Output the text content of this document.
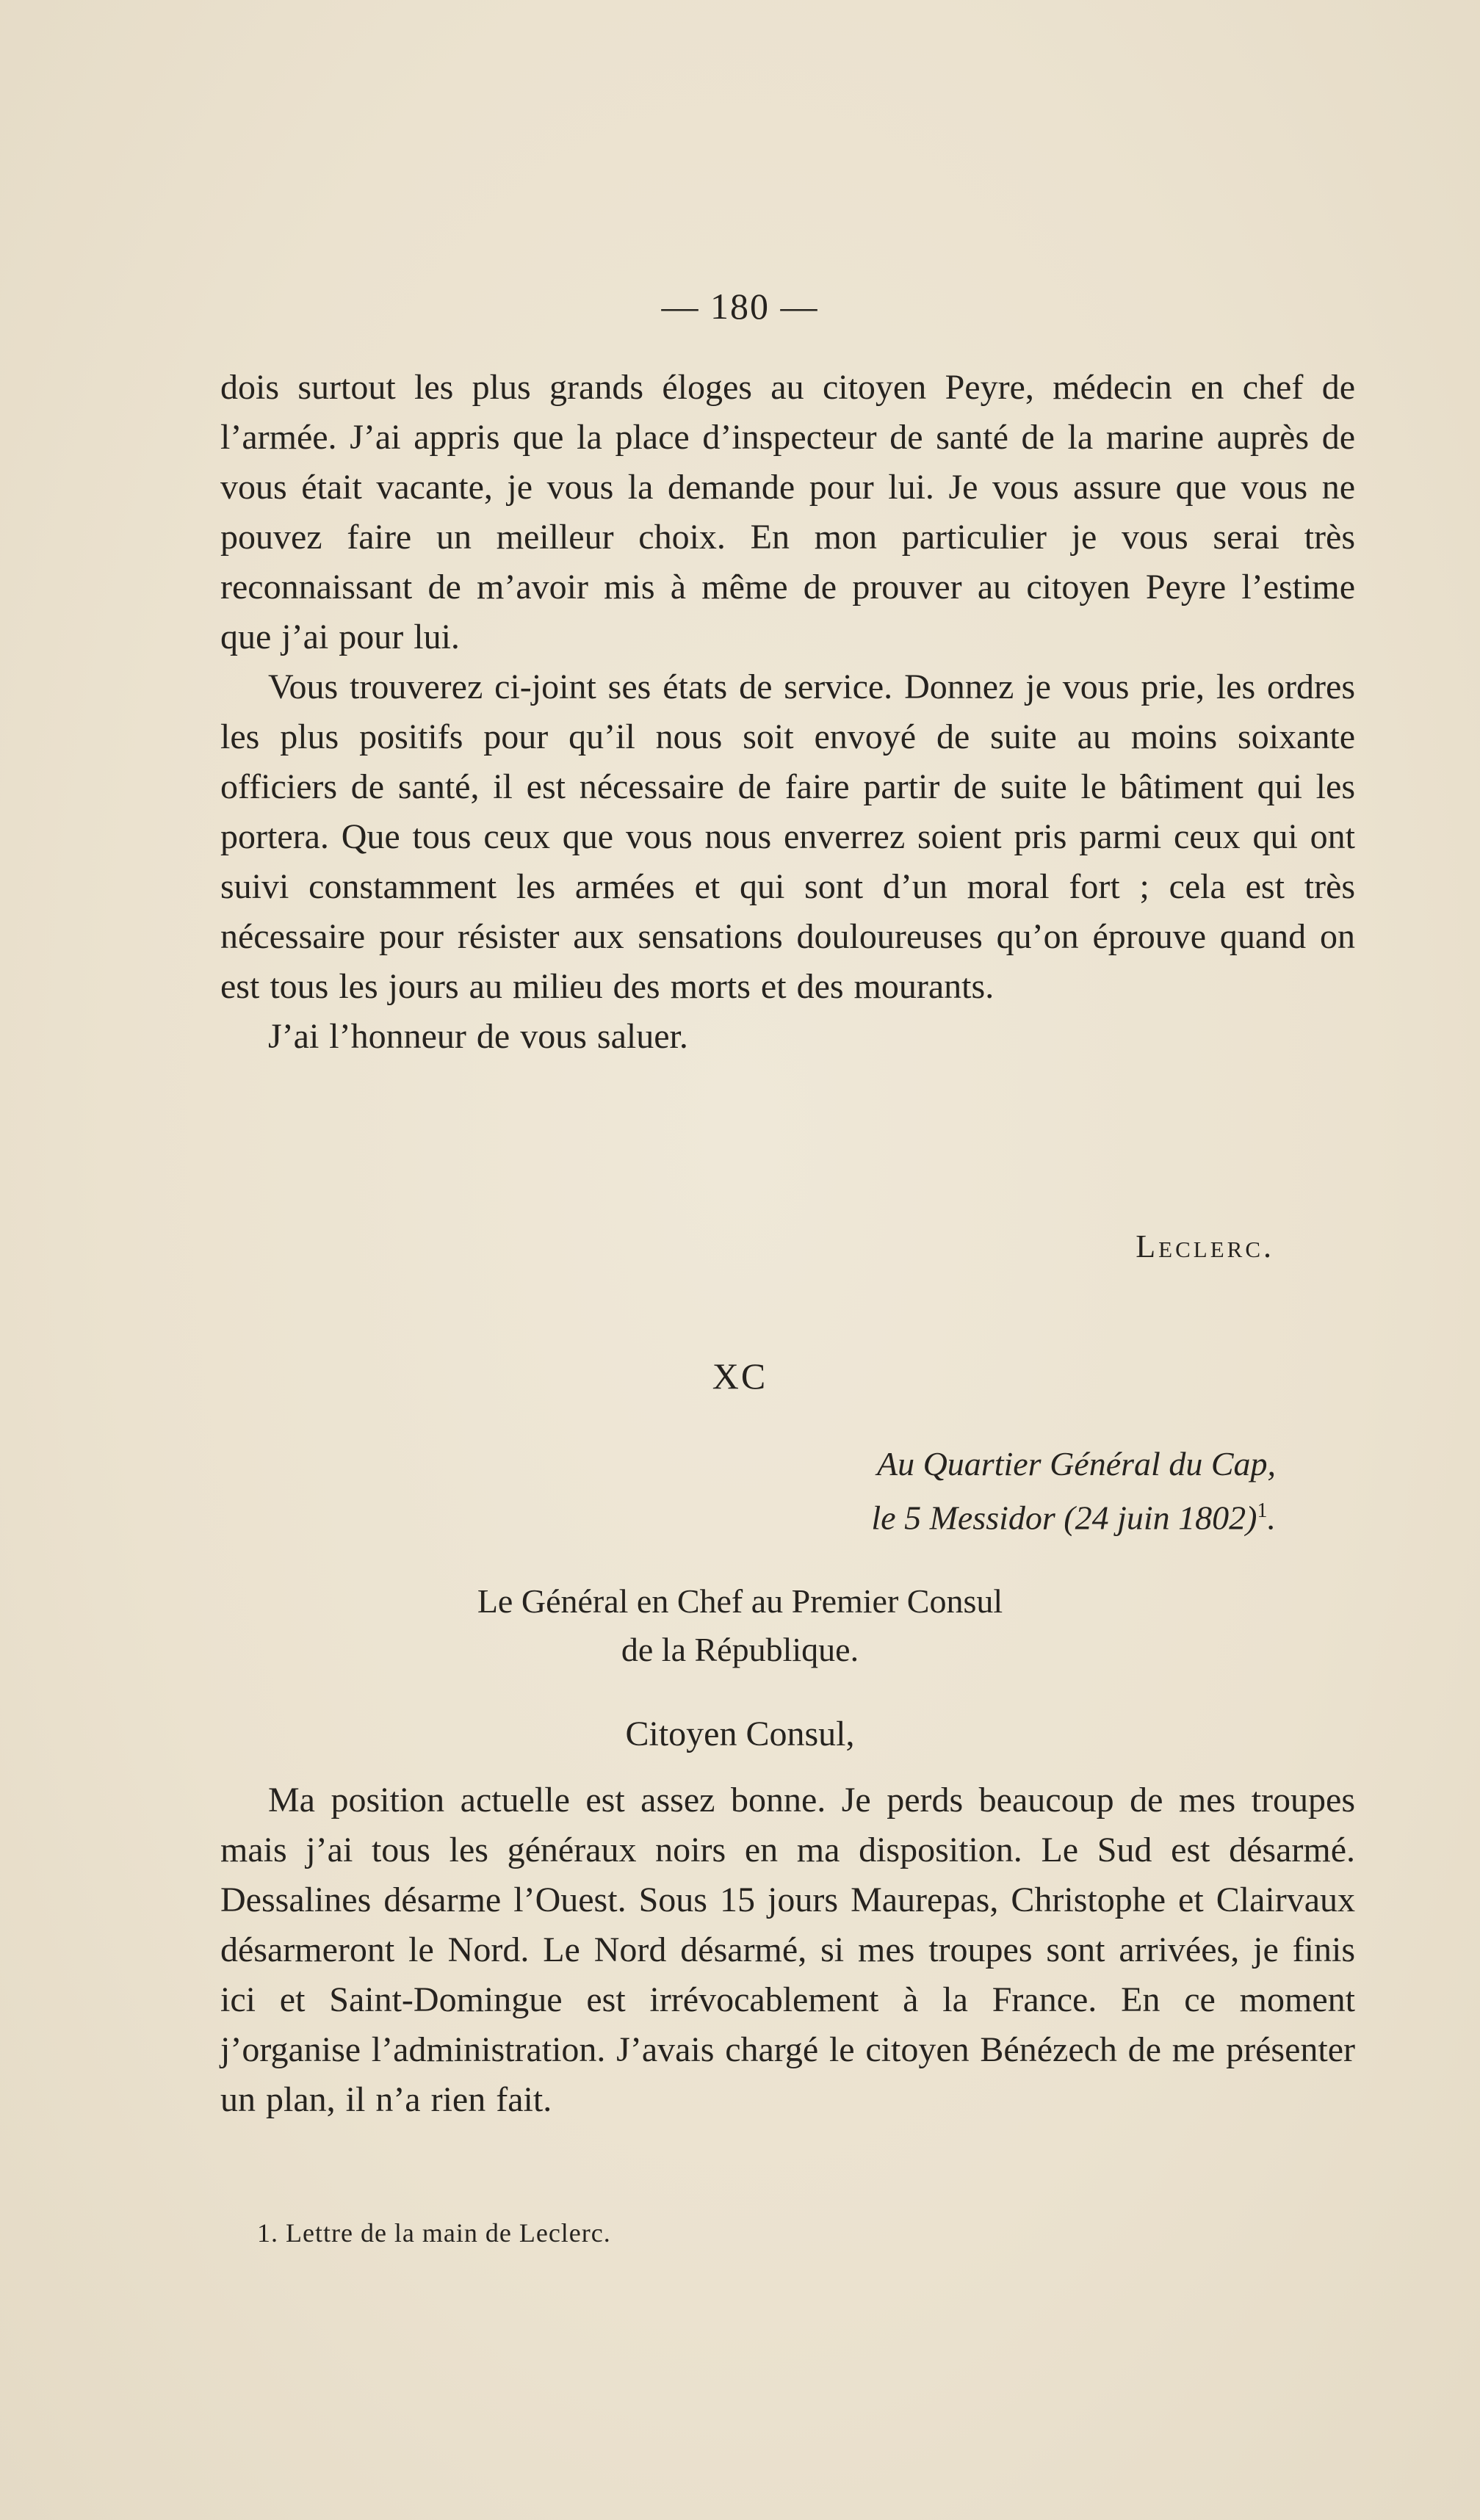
— 180 —

dois surtout les plus grands éloges au citoyen Peyre, médecin en chef de l’armée. J’ai appris que la place d’inspecteur de santé de la marine auprès de vous était vacante, je vous la demande pour lui. Je vous assure que vous ne pouvez faire un meilleur choix. En mon particulier je vous serai très reconnaissant de m’avoir mis à même de prouver au citoyen Peyre l’estime que j’ai pour lui.

Vous trouverez ci-joint ses états de service. Donnez je vous prie, les ordres les plus positifs pour qu’il nous soit envoyé de suite au moins soixante officiers de santé, il est nécessaire de faire partir de suite le bâtiment qui les portera. Que tous ceux que vous nous enverrez soient pris parmi ceux qui ont suivi constamment les armées et qui sont d’un moral fort ; cela est très nécessaire pour résister aux sensations douloureuses qu’on éprouve quand on est tous les jours au milieu des morts et des mourants.

J’ai l’honneur de vous saluer.

Leclerc.
XC
Au Quartier Général du Cap,
le 5 Messidor (24 juin 1802)$^1$.
Le Général en Chef au Premier Consul
de la République.
Citoyen Consul,

Ma position actuelle est assez bonne. Je perds beaucoup de mes troupes mais j’ai tous les généraux noirs en ma disposition. Le Sud est désarmé. Dessalines désarme l’Ouest. Sous 15 jours Maurepas, Christophe et Clairvaux désarmeront le Nord. Le Nord désarmé, si mes troupes sont arrivées, je finis ici et Saint-Domingue est irrévocablement à la France. En ce moment j’organise l’administration. J’avais chargé le citoyen Bénézech de me présenter un plan, il n’a rien fait.

1. Lettre de la main de Leclerc.
